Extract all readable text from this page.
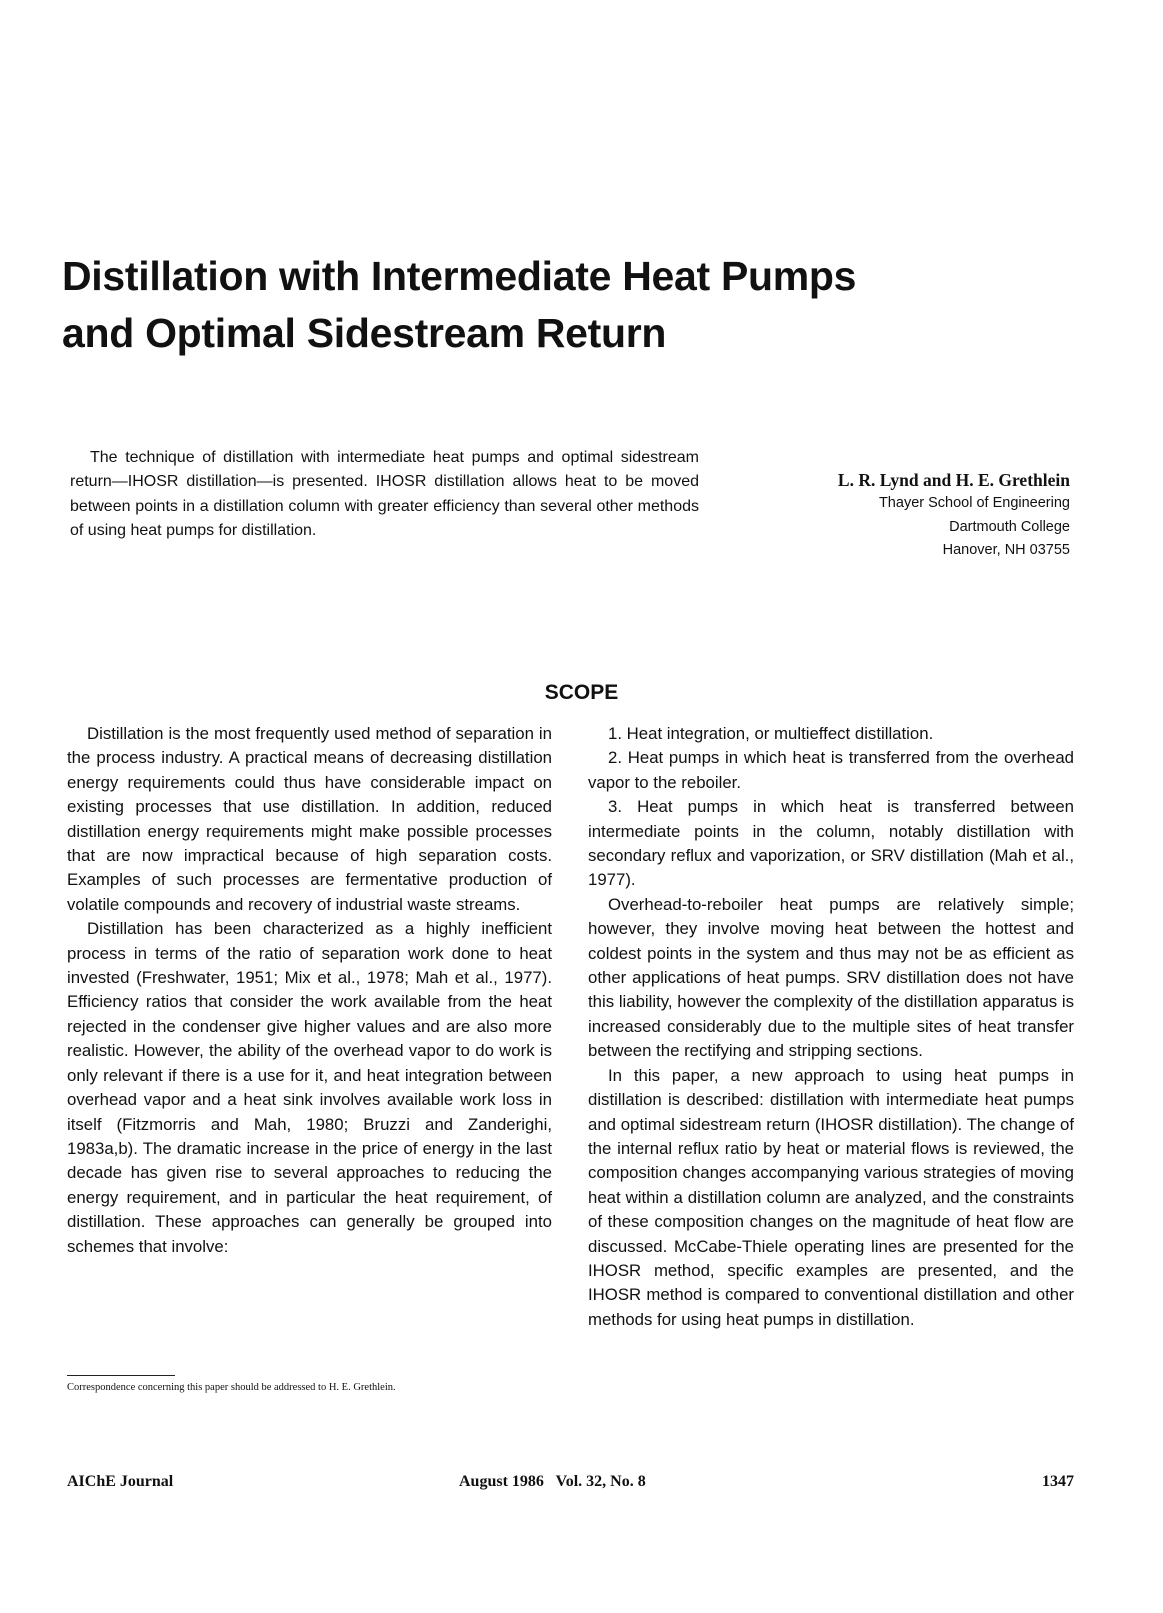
Distillation with Intermediate Heat Pumps
and Optimal Sidestream Return

The technique of distillation with intermediate heat pumps and optimal sidestream return—IHOSR distillation—is presented. IHOSR distillation allows heat to be moved between points in a distillation column with greater efficiency than several other methods of using heat pumps for distillation.

L. R. Lynd and H. E. Grethlein
Thayer School of Engineering
Dartmouth College
Hanover, NH 03755
SCOPE

Distillation is the most frequently used method of separation in the process industry. A practical means of decreasing distillation energy requirements could thus have considerable impact on existing processes that use distillation. In addition, reduced distillation energy requirements might make possible processes that are now impractical because of high separation costs. Examples of such processes are fermentative production of volatile compounds and recovery of industrial waste streams.

Distillation has been characterized as a highly inefficient process in terms of the ratio of separation work done to heat invested (Freshwater, 1951; Mix et al., 1978; Mah et al., 1977). Efficiency ratios that consider the work available from the heat rejected in the condenser give higher values and are also more realistic. However, the ability of the overhead vapor to do work is only relevant if there is a use for it, and heat integration between overhead vapor and a heat sink involves available work loss in itself (Fitzmorris and Mah, 1980; Bruzzi and Zanderighi, 1983a,b). The dramatic increase in the price of energy in the last decade has given rise to several approaches to reducing the energy requirement, and in particular the heat requirement, of distillation. These approaches can generally be grouped into schemes that involve:

1. Heat integration, or multieffect distillation.

2. Heat pumps in which heat is transferred from the overhead vapor to the reboiler.

3. Heat pumps in which heat is transferred between intermediate points in the column, notably distillation with secondary reflux and vaporization, or SRV distillation (Mah et al., 1977).

Overhead-to-reboiler heat pumps are relatively simple; however, they involve moving heat between the hottest and coldest points in the system and thus may not be as efficient as other applications of heat pumps. SRV distillation does not have this liability, however the complexity of the distillation apparatus is increased considerably due to the multiple sites of heat transfer between the rectifying and stripping sections.

In this paper, a new approach to using heat pumps in distillation is described: distillation with intermediate heat pumps and optimal sidestream return (IHOSR distillation). The change of the internal reflux ratio by heat or material flows is reviewed, the composition changes accompanying various strategies of moving heat within a distillation column are analyzed, and the constraints of these composition changes on the magnitude of heat flow are discussed. McCabe-Thiele operating lines are presented for the IHOSR method, specific examples are presented, and the IHOSR method is compared to conventional distillation and other methods for using heat pumps in distillation.

Correspondence concerning this paper should be addressed to H. E. Grethlein.

AIChE Journal	August 1986   Vol. 32, No. 8	1347
